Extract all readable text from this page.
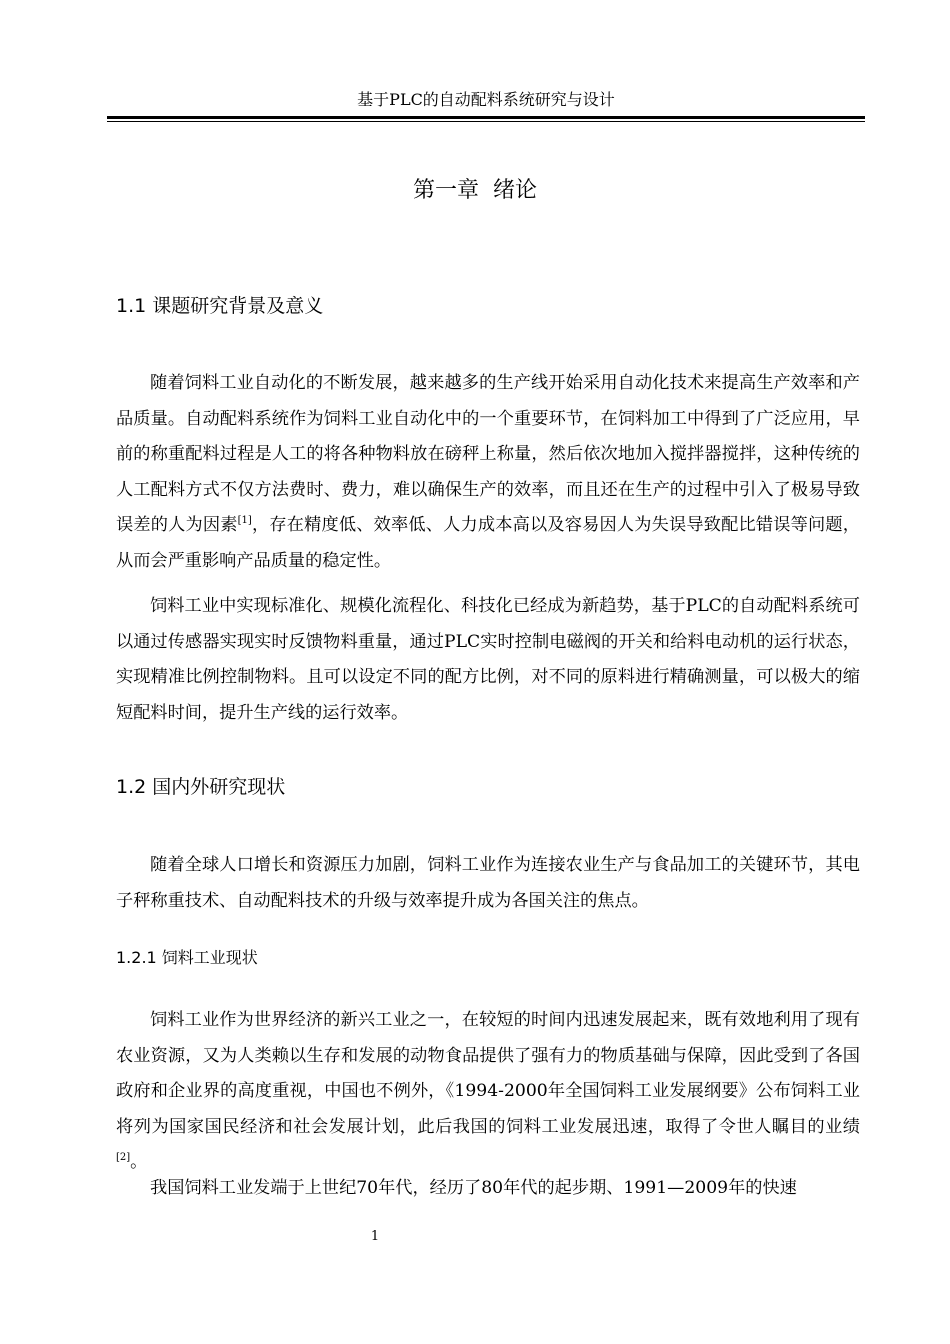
基于PLC的自动配料系统研究与设计
第一章  绪论
1.1 课题研究背景及意义

随着饲料工业自动化的不断发展，越来越多的生产线开始采用自动化技术来提高生产效率和产品质量。自动配料系统作为饲料工业自动化中的一个重要环节，在饲料加工中得到了广泛应用，早前的称重配料过程是人工的将各种物料放在磅秤上称量，然后依次地加入搅拌器搅拌，这种传统的人工配料方式不仅方法费时、费力，难以确保生产的效率，而且还在生产的过程中引入了极易导致误差的人为因素[1]，存在精度低、效率低、人力成本高以及容易因人为失误导致配比错误等问题，从而会严重影响产品质量的稳定性。

饲料工业中实现标准化、规模化流程化、科技化已经成为新趋势，基于PLC的自动配料系统可以通过传感器实现实时反馈物料重量，通过PLC实时控制电磁阀的开关和给料电动机的运行状态，实现精准比例控制物料。且可以设定不同的配方比例，对不同的原料进行精确测量，可以极大的缩短配料时间，提升生产线的运行效率。

1.2 国内外研究现状

随着全球人口增长和资源压力加剧，饲料工业作为连接农业生产与食品加工的关键环节，其电子秤称重技术、自动配料技术的升级与效率提升成为各国关注的焦点。

1.2.1 饲料工业现状

饲料工业作为世界经济的新兴工业之一，在较短的时间内迅速发展起来，既有效地利用了现有农业资源，又为人类赖以生存和发展的动物食品提供了强有力的物质基础与保障，因此受到了各国政府和企业界的高度重视，中国也不例外，《1994-2000年全国饲料工业发展纲要》公布饲料工业将列为国家国民经济和社会发展计划，此后我国的饲料工业发展迅速，取得了令世人瞩目的业绩[2]。

我国饲料工业发端于上世纪70年代，经历了80年代的起步期、1991—2009年的快速

1
